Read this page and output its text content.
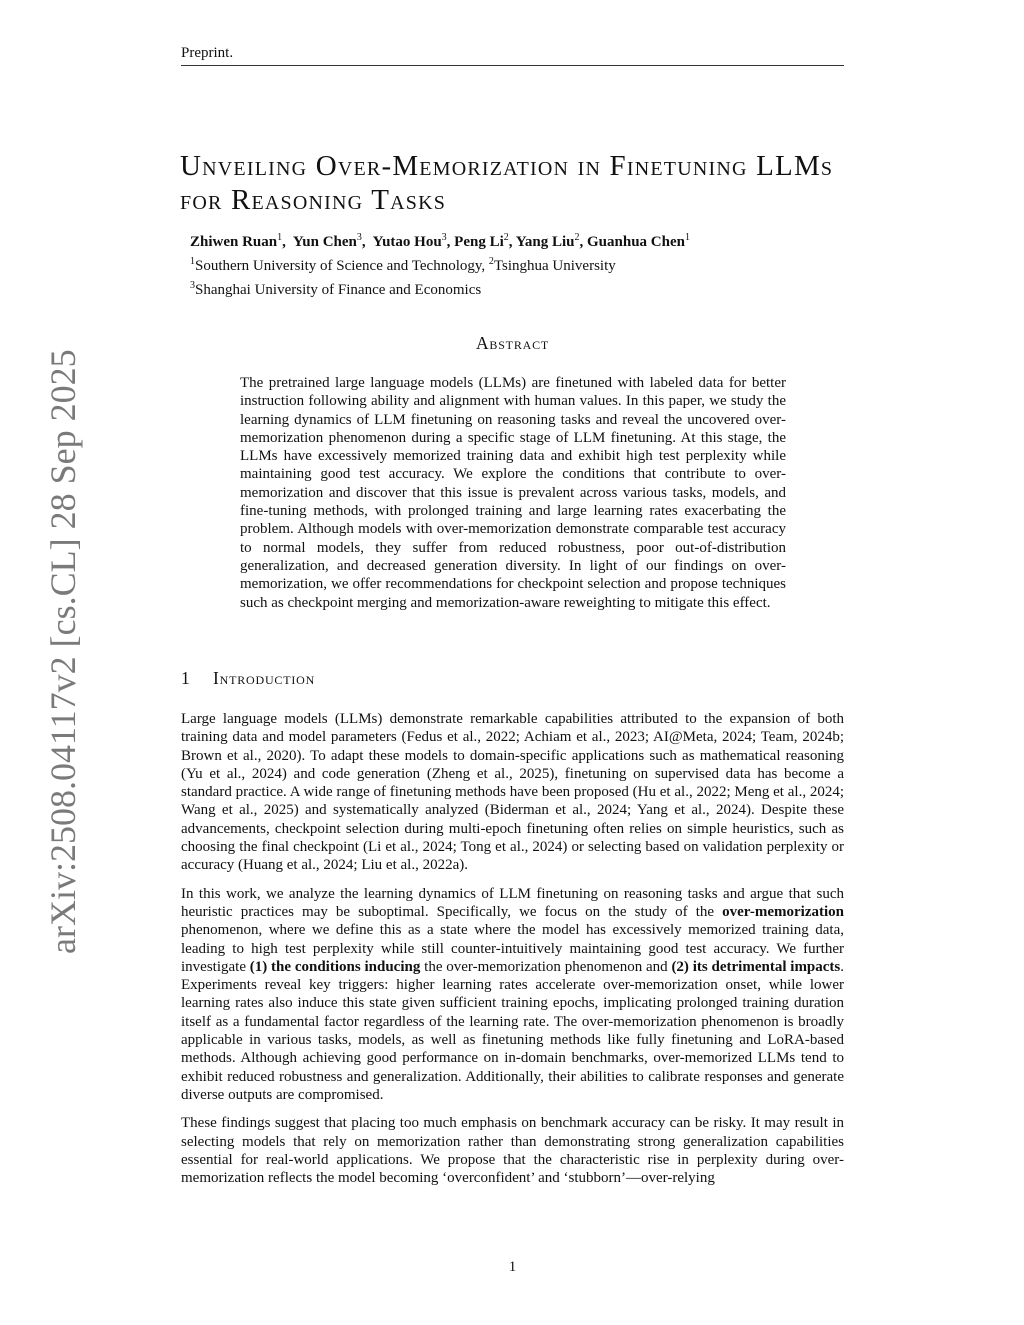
Preprint.
arXiv:2508.04117v2 [cs.CL] 28 Sep 2025
Unveiling Over-Memorization in Finetuning LLMs for Reasoning Tasks
Zhiwen Ruan$^1$,  Yun Chen$^3$,  Yutao Hou$^3$, Peng Li$^2$, Yang Liu$^2$, Guanhua Chen$^1$
$^1$Southern University of Science and Technology, $^2$Tsinghua University
$^3$Shanghai University of Finance and Economics
Abstract
The pretrained large language models (LLMs) are finetuned with labeled data for better instruction following ability and alignment with human values. In this paper, we study the learning dynamics of LLM finetuning on reasoning tasks and reveal the uncovered over-memorization phenomenon during a specific stage of LLM finetuning. At this stage, the LLMs have excessively memorized training data and exhibit high test perplexity while maintaining good test accuracy. We explore the conditions that contribute to over-memorization and discover that this issue is prevalent across various tasks, models, and fine-tuning methods, with prolonged training and large learning rates exacerbating the problem. Although models with over-memorization demonstrate comparable test accuracy to normal models, they suffer from reduced robustness, poor out-of-distribution generalization, and decreased generation diversity. In light of our findings on over-memorization, we offer recommendations for checkpoint selection and propose techniques such as checkpoint merging and memorization-aware reweighting to mitigate this effect.
1 Introduction

Large language models (LLMs) demonstrate remarkable capabilities attributed to the expansion of both training data and model parameters (Fedus et al., 2022; Achiam et al., 2023; AI@Meta, 2024; Team, 2024b; Brown et al., 2020). To adapt these models to domain-specific applications such as mathematical reasoning (Yu et al., 2024) and code generation (Zheng et al., 2025), finetuning on supervised data has become a standard practice. A wide range of finetuning methods have been proposed (Hu et al., 2022; Meng et al., 2024; Wang et al., 2025) and systematically analyzed (Biderman et al., 2024; Yang et al., 2024). Despite these advancements, checkpoint selection during multi-epoch finetuning often relies on simple heuristics, such as choosing the final checkpoint (Li et al., 2024; Tong et al., 2024) or selecting based on validation perplexity or accuracy (Huang et al., 2024; Liu et al., 2022a).

In this work, we analyze the learning dynamics of LLM finetuning on reasoning tasks and argue that such heuristic practices may be suboptimal. Specifically, we focus on the study of the over-memorization phenomenon, where we define this as a state where the model has excessively memorized training data, leading to high test perplexity while still counter-intuitively maintaining good test accuracy. We further investigate (1) the conditions inducing the over-memorization phenomenon and (2) its detrimental impacts. Experiments reveal key triggers: higher learning rates accelerate over-memorization onset, while lower learning rates also induce this state given sufficient training epochs, implicating prolonged training duration itself as a fundamental factor regardless of the learning rate. The over-memorization phenomenon is broadly applicable in various tasks, models, as well as finetuning methods like fully finetuning and LoRA-based methods. Although achieving good performance on in-domain benchmarks, over-memorized LLMs tend to exhibit reduced robustness and generalization. Additionally, their abilities to calibrate responses and generate diverse outputs are compromised.

These findings suggest that placing too much emphasis on benchmark accuracy can be risky. It may result in selecting models that rely on memorization rather than demonstrating strong generalization capabilities essential for real-world applications. We propose that the characteristic rise in perplexity during over-memorization reflects the model becoming ‘overconfident’ and ‘stubborn’—over-relying

1
